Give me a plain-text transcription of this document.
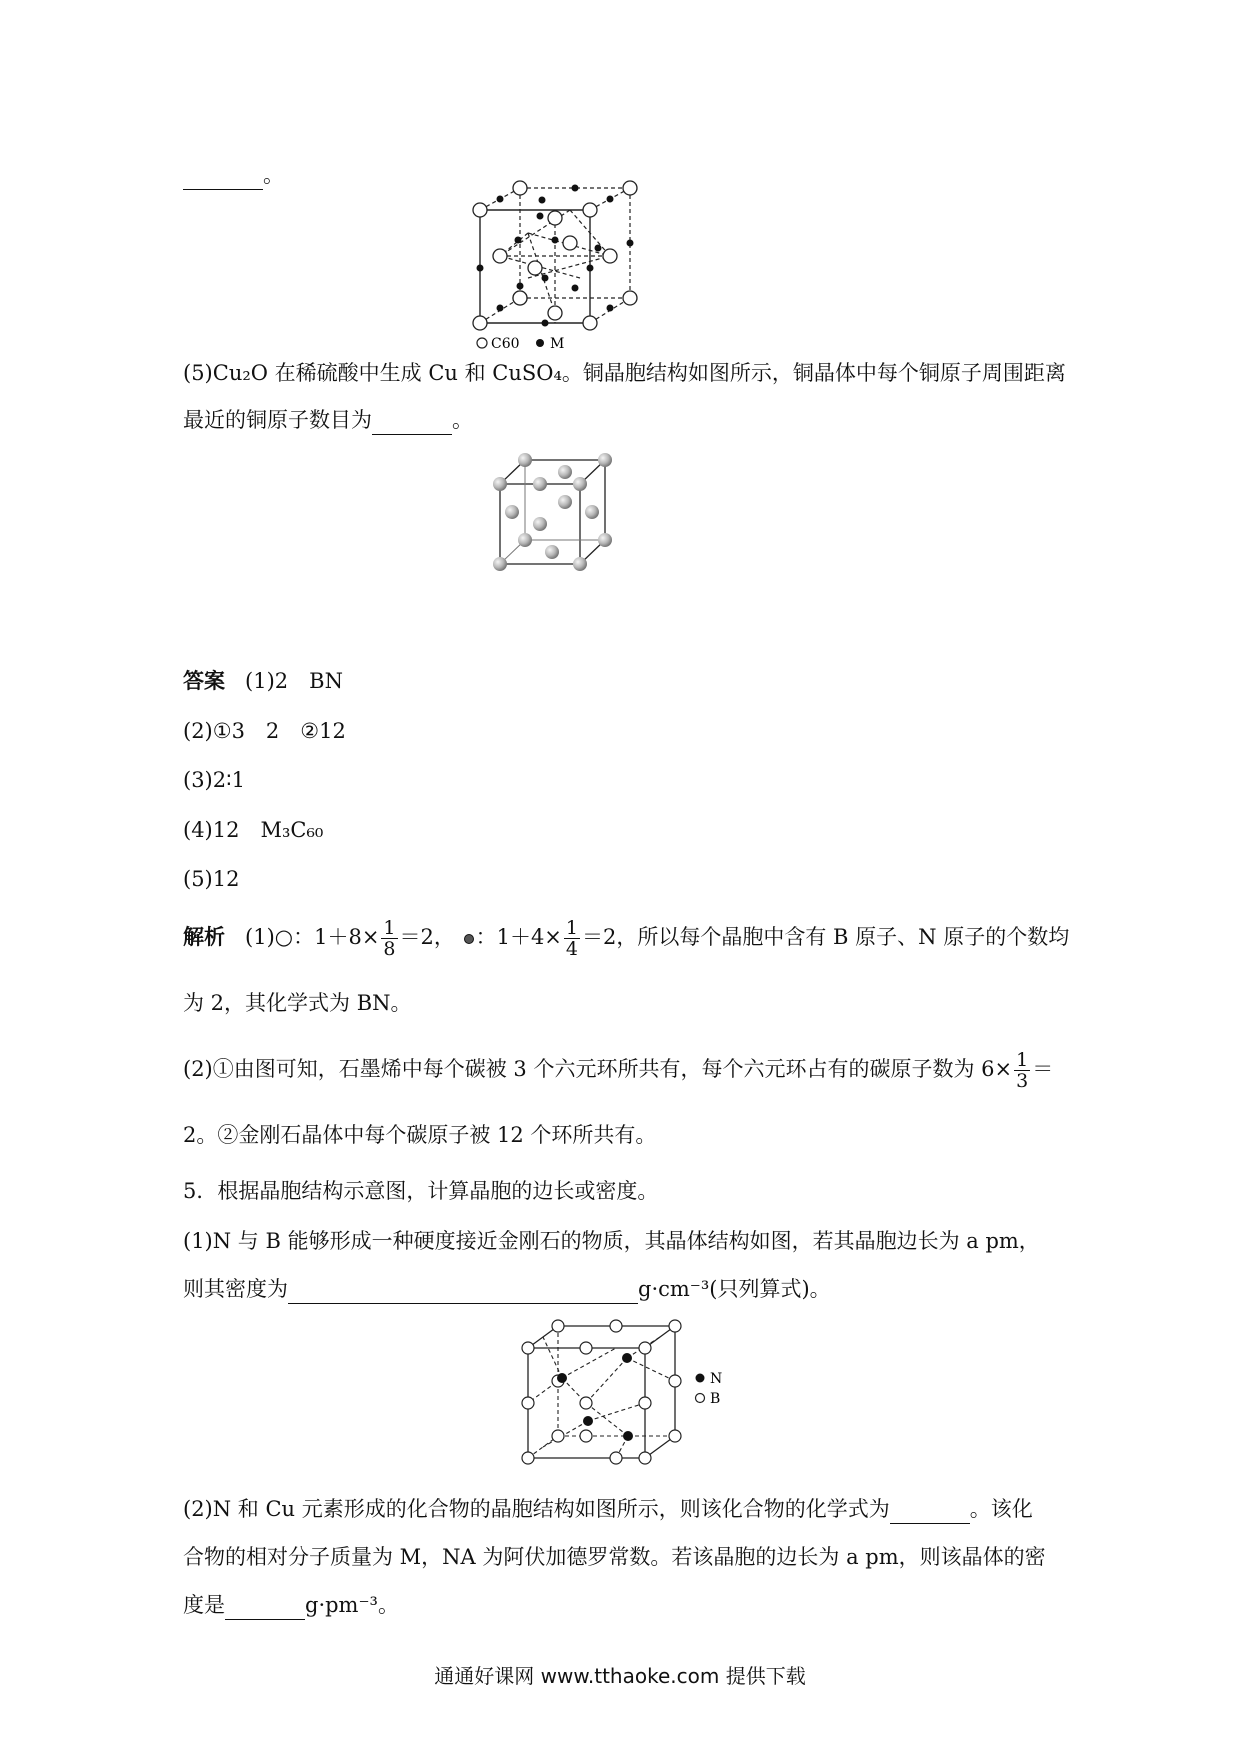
。
C60 M
(5)Cu₂O 在稀硫酸中生成 Cu 和 CuSO₄。铜晶胞结构如图所示，铜晶体中每个铜原子周围距离
最近的铜原子数目为	。
答案 (1)2　BN
(2)①3　2　②12
(3)2∶1
(4)12　M₃C₆₀
(5)12
解析 (1)○：$1+8\times \frac{1}{8} =2$， ：$1+4\times \frac{1}{4} =2$，所以每个晶胞中含有 B 原子、N 原子的个数均
为 2，其化学式为 BN。
(2)①由图可知，石墨烯中每个碳被 3 个六元环所共有，每个六元环占有的碳原子数为 $6\times \frac{1}{3}$ ＝
2。②金刚石晶体中每个碳原子被 12 个环所共有。
5．根据晶胞结构示意图，计算晶胞的边长或密度。
(1)N 与 B 能够形成一种硬度接近金刚石的物质，其晶体结构如图，若其晶胞边长为 a pm，
则其密度为	g·cm⁻³(只列算式)。
N
B
(2)N 和 Cu 元素形成的化合物的晶胞结构如图所示，则该化合物的化学式为	。该化
合物的相对分子质量为 M，NA 为阿伏加德罗常数。若该晶胞的边长为 a pm，则该晶体的密
度是	g·pm⁻³。
通通好课网 www.tthaoke.com 提供下载
